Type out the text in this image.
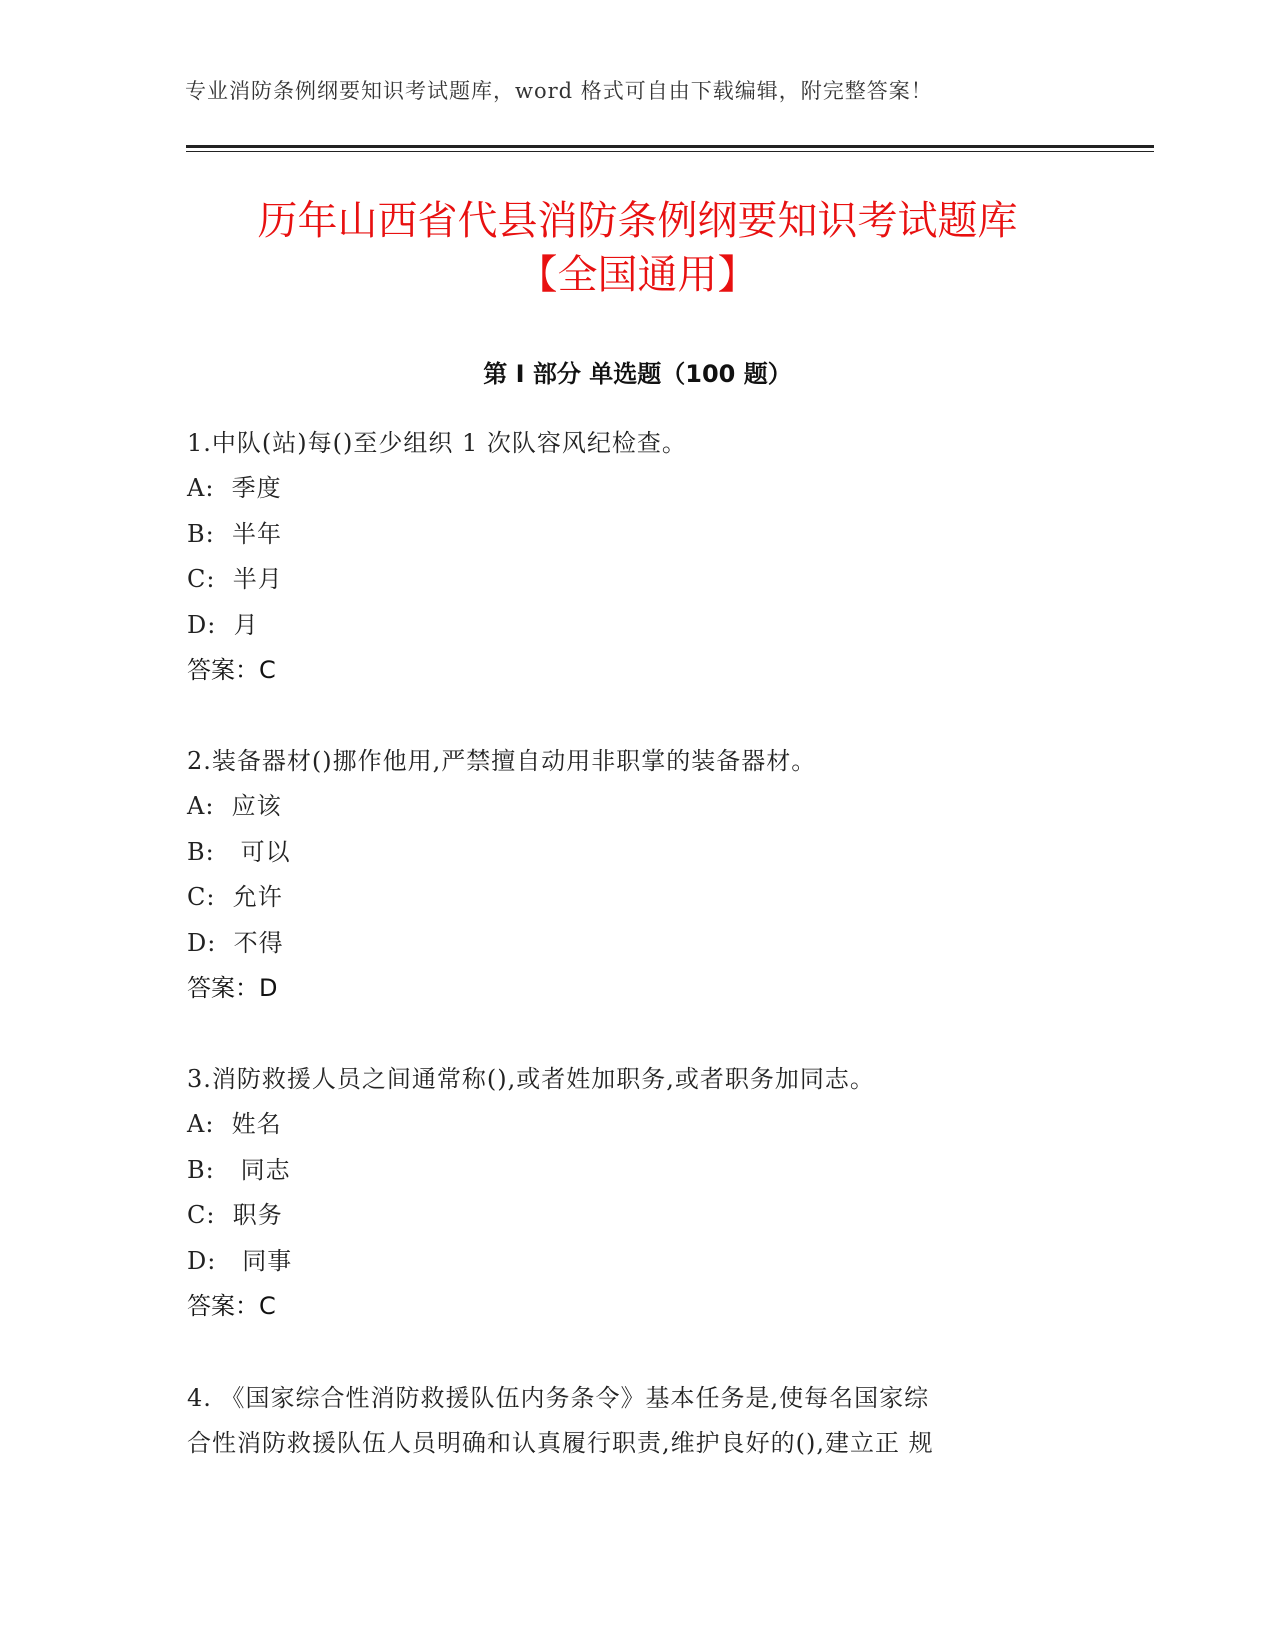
专业消防条例纲要知识考试题库，word 格式可自由下载编辑，附完整答案！
历年山西省代县消防条例纲要知识考试题库
【全国通用】
第 I 部分 单选题（100 题）
1.中队(站)每()至少组织 1 次队容风纪检查。
A:  季度
B:  半年
C:  半月
D:  月
答案：C
2.装备器材()挪作他用,严禁擅自动用非职掌的装备器材。
A:  应该
B:   可以
C:  允许
D:  不得
答案：D
3.消防救援人员之间通常称(),或者姓加职务,或者职务加同志。
A:  姓名
B:   同志
C:  职务
D:   同事
答案：C
4. 《国家综合性消防救援队伍内务条令》基本任务是,使每名国家综
合性消防救援队伍人员明确和认真履行职责,维护良好的(),建立正 规
